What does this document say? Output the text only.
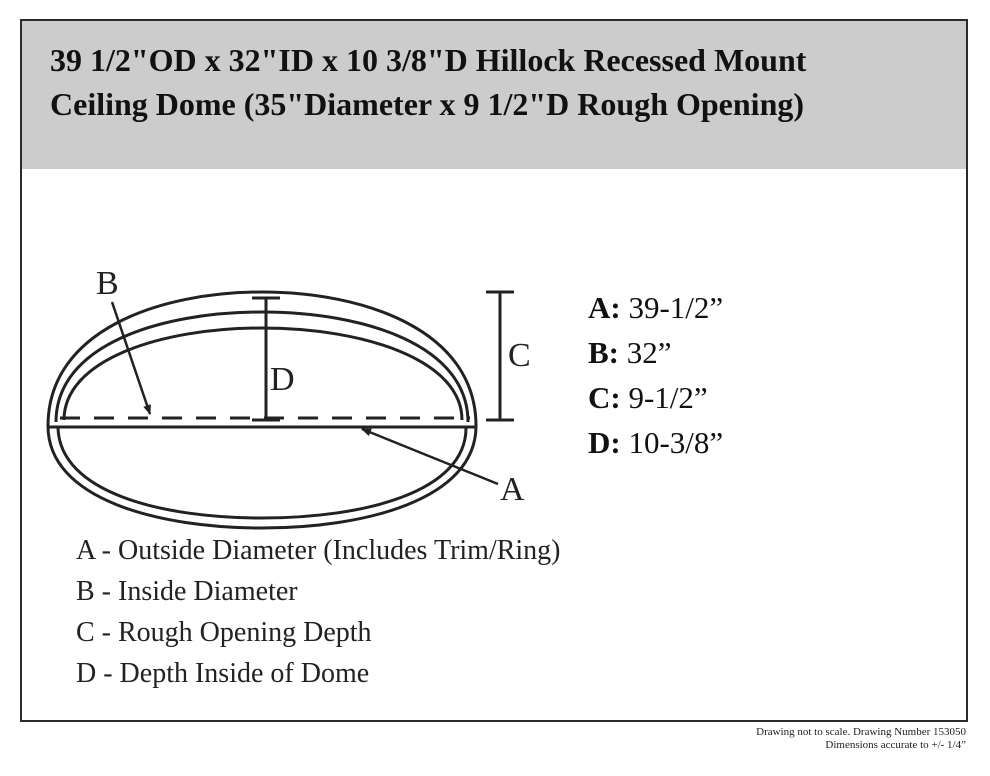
39 1/2"OD x 32"ID x 10 3/8"D Hillock Recessed Mount
Ceiling Dome (35"Diameter x 9 1/2"D Rough Opening)
B
D
C
A
A: 39-1/2”
B: 32”
C: 9-1/2”
D: 10-3/8”
A - Outside Diameter (Includes Trim/Ring)
B - Inside Diameter
C - Rough Opening Depth
D - Depth Inside of Dome
Drawing not to scale. Drawing Number 153050
Dimensions accurate to +/- 1/4”
